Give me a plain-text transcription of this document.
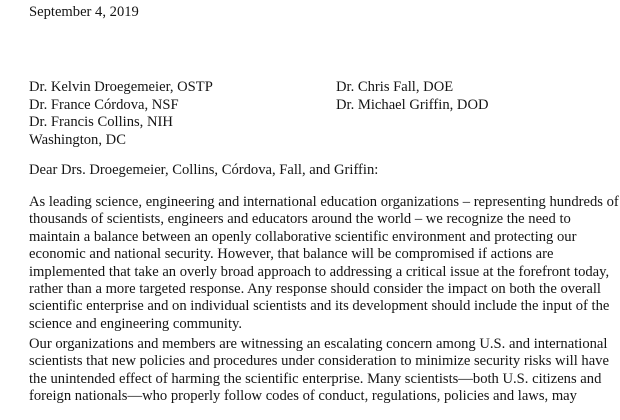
September 4, 2019
Dr. Kelvin Droegemeier, OSTP
Dr. France Córdova, NSF
Dr. Francis Collins, NIH
Washington, DC
Dr. Chris Fall, DOE
Dr. Michael Griffin, DOD
Dear Drs. Droegemeier, Collins, Córdova, Fall, and Griffin:
As leading science, engineering and international education organizations – representing hundreds of
thousands of scientists, engineers and educators around the world – we recognize the need to
maintain a balance between an openly collaborative scientific environment and protecting our
economic and national security. However, that balance will be compromised if actions are
implemented that take an overly broad approach to addressing a critical issue at the forefront today,
rather than a more targeted response. Any response should consider the impact on both the overall
scientific enterprise and on individual scientists and its development should include the input of the
science and engineering community.
Our organizations and members are witnessing an escalating concern among U.S. and international
scientists that new policies and procedures under consideration to minimize security risks will have
the unintended effect of harming the scientific enterprise. Many scientists—both U.S. citizens and
foreign nationals—who properly follow codes of conduct, regulations, policies and laws, may
